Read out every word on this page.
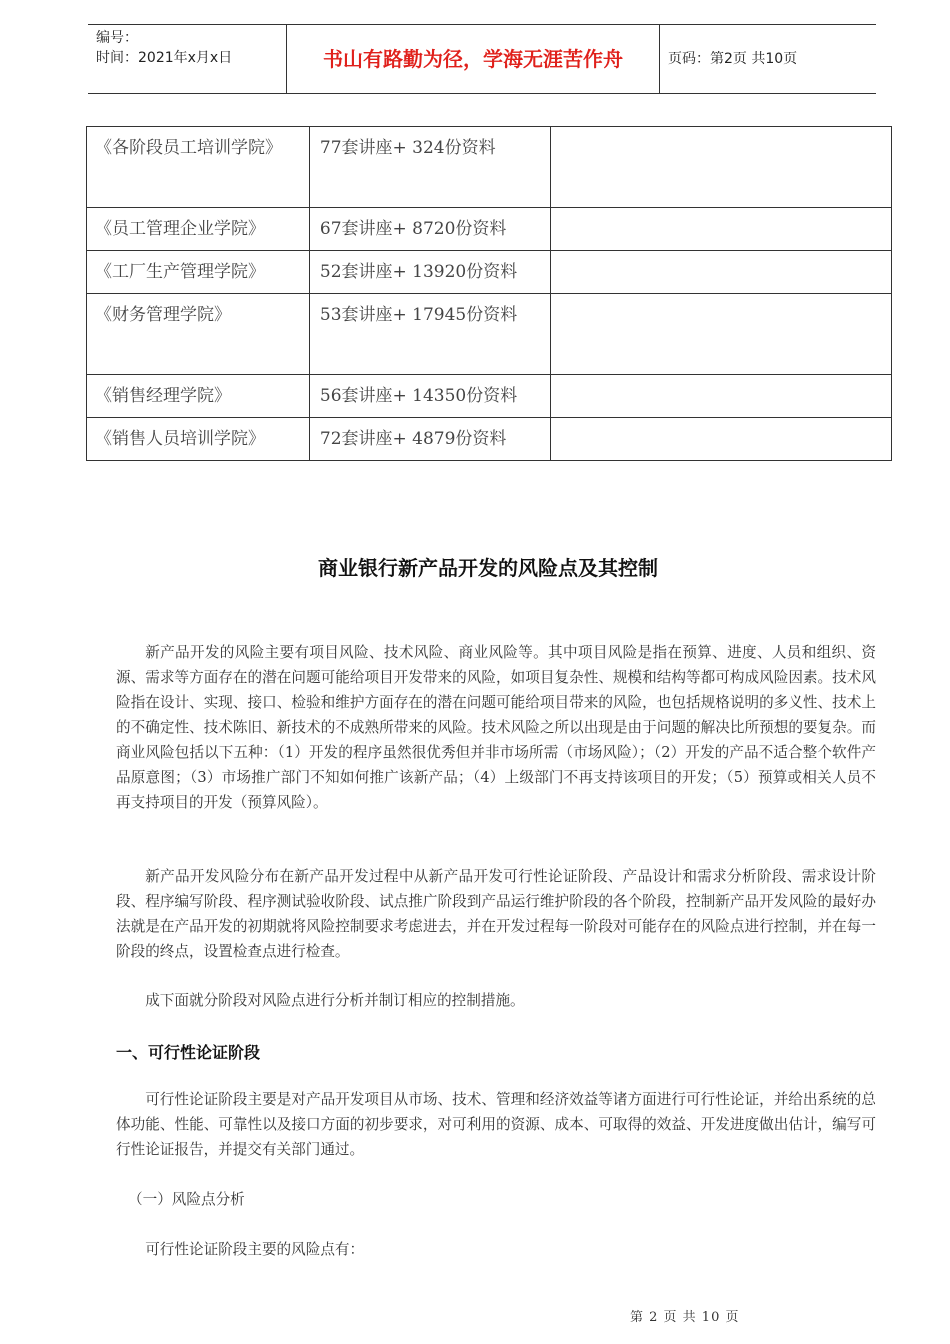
编号：
时间：2021年x月x日	书山有路勤为径，学海无涯苦作舟	页码：第2页 共10页
《各阶段员工培训学院》	77套讲座+ 324份资料	
《员工管理企业学院》	67套讲座+ 8720份资料	
《工厂生产管理学院》	52套讲座+ 13920份资料	
《财务管理学院》	53套讲座+ 17945份资料	
《销售经理学院》	56套讲座+ 14350份资料	
《销售人员培训学院》	72套讲座+ 4879份资料	
商业银行新产品开发的风险点及其控制
新产品开发的风险主要有项目风险、技术风险、商业风险等。其中项目风险是指在预算、进度、人员和组织、资源、需求等方面存在的潜在问题可能给项目开发带来的风险，如项目复杂性、规模和结构等都可构成风险因素。技术风险指在设计、实现、接口、检验和维护方面存在的潜在问题可能给项目带来的风险，也包括规格说明的多义性、技术上的不确定性、技术陈旧、新技术的不成熟所带来的风险。技术风险之所以出现是由于问题的解决比所预想的要复杂。而商业风险包括以下五种：（1）开发的程序虽然很优秀但并非市场所需（市场风险）；（2）开发的产品不适合整个软件产品原意图；（3）市场推广部门不知如何推广该新产品；（4）上级部门不再支持该项目的开发；（5）预算或相关人员不再支持项目的开发（预算风险）。
新产品开发风险分布在新产品开发过程中从新产品开发可行性论证阶段、产品设计和需求分析阶段、需求设计阶段、程序编写阶段、程序测试验收阶段、试点推广阶段到产品运行维护阶段的各个阶段，控制新产品开发风险的最好办法就是在产品开发的初期就将风险控制要求考虑进去，并在开发过程每一阶段对可能存在的风险点进行控制，并在每一阶段的终点，设置检查点进行检查。
成下面就分阶段对风险点进行分析并制订相应的控制措施。
一、可行性论证阶段
可行性论证阶段主要是对产品开发项目从市场、技术、管理和经济效益等诸方面进行可行性论证，并给出系统的总体功能、性能、可靠性以及接口方面的初步要求，对可利用的资源、成本、可取得的效益、开发进度做出估计，编写可行性论证报告，并提交有关部门通过。
（一）风险点分析
可行性论证阶段主要的风险点有：
第 2 页 共 10 页
